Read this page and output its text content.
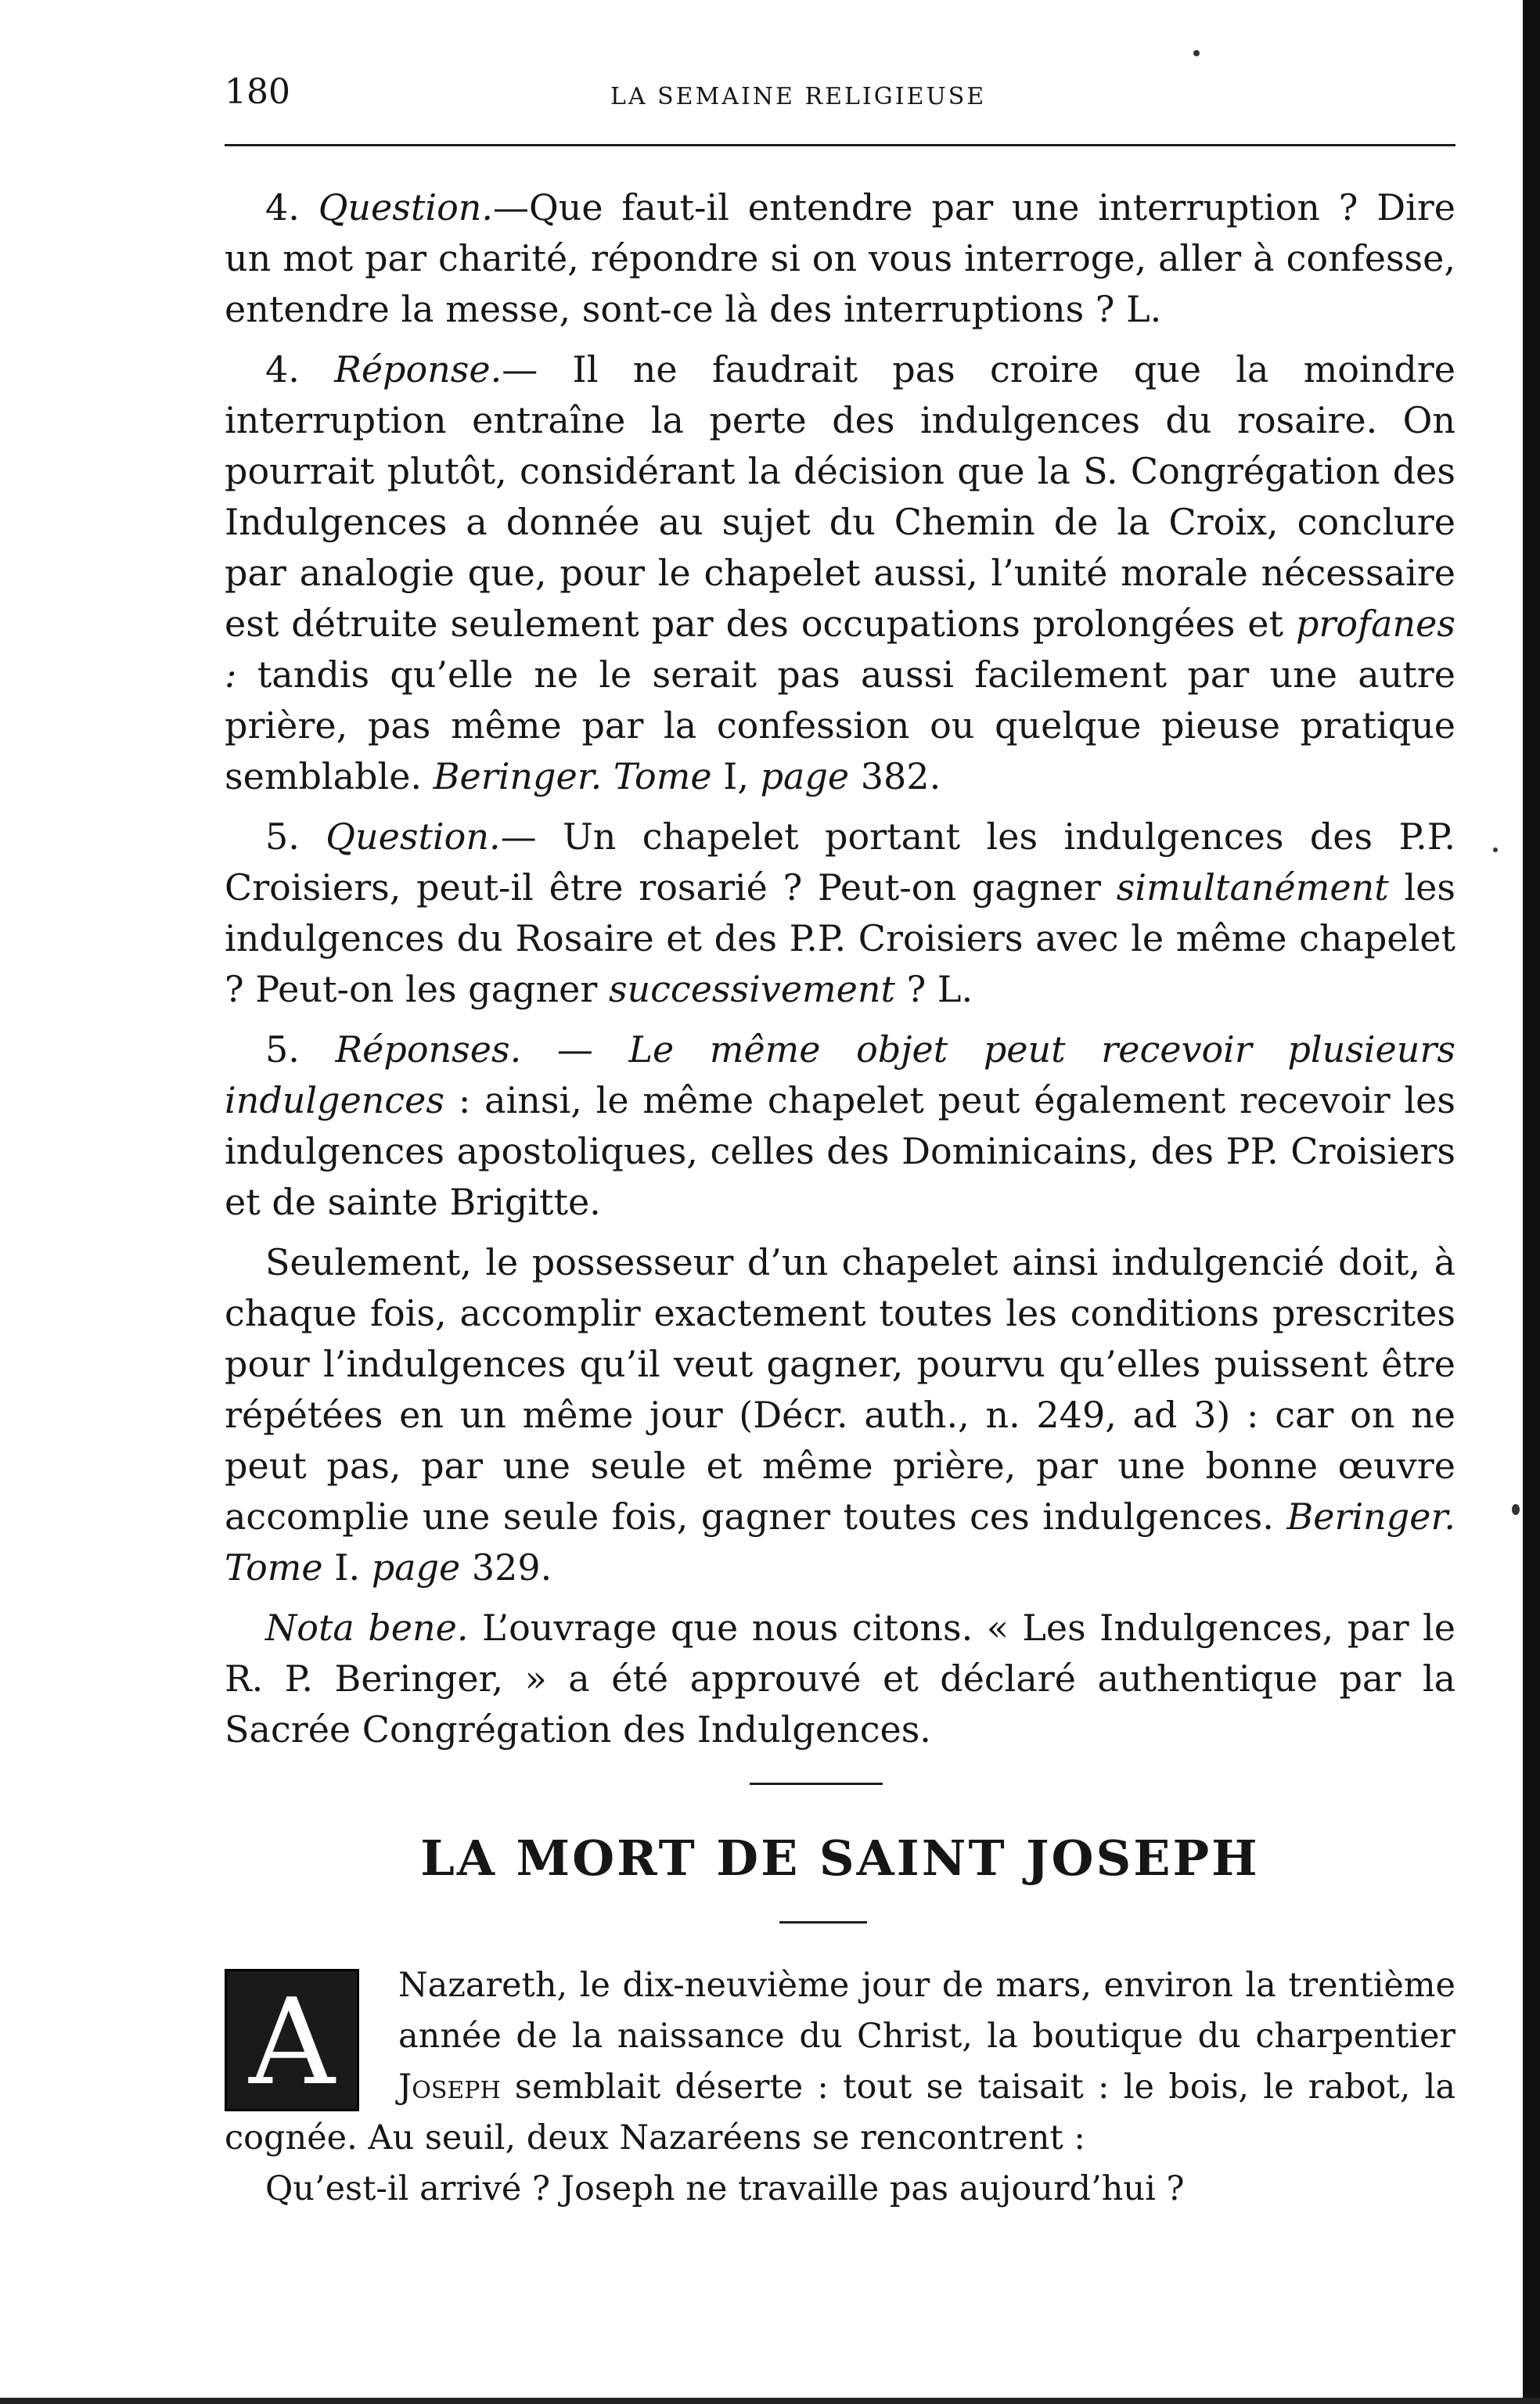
180	LA SEMAINE RELIGIEUSE

4. Question.—Que faut-il entendre par une interruption ? Dire un mot par charité, répondre si on vous interroge, aller à confesse, entendre la messe, sont-ce là des interruptions ? L.

4. Réponse.— Il ne faudrait pas croire que la moindre interruption entraîne la perte des indulgences du rosaire. On pourrait plutôt, considérant la décision que la S. Congrégation des Indulgences a donnée au sujet du Chemin de la Croix, conclure par analogie que, pour le chapelet aussi, l’unité morale nécessaire est détruite seulement par des occupations prolongées et profanes : tandis qu’elle ne le serait pas aussi facilement par une autre prière, pas même par la confession ou quelque pieuse pratique semblable. Beringer. Tome I, page 382.

5. Question.— Un chapelet portant les indulgences des P.P. Croisiers, peut-il être rosarié ? Peut-on gagner simultanément les indulgences du Rosaire et des P.P. Croisiers avec le même chapelet ? Peut-on les gagner successivement ? L.

5. Réponses. — Le même objet peut recevoir plusieurs indulgences : ainsi, le même chapelet peut également recevoir les indulgences apostoliques, celles des Dominicains, des PP. Croisiers et de sainte Brigitte.

Seulement, le possesseur d’un chapelet ainsi indulgencié doit, à chaque fois, accomplir exactement toutes les conditions prescrites pour l’indulgences qu’il veut gagner, pourvu qu’elles puissent être répétées en un même jour (Décr. auth., n. 249, ad 3) : car on ne peut pas, par une seule et même prière, par une bonne œuvre accomplie une seule fois, gagner toutes ces indulgences. Beringer. Tome I. page 329.

Nota bene. L’ouvrage que nous citons. « Les Indulgences, par le R. P. Beringer, » a été approuvé et déclaré authentique par la Sacrée Congrégation des Indulgences.

LA MORT DE SAINT JOSEPH
A	Nazareth, le dix-neuvième jour de mars, environ la trentième année de la naissance du Christ, la boutique du charpentier Joseph semblait déserte : tout se taisait : le bois, le rabot, la cognée. Au seuil, deux Nazaréens se rencontrent :

Qu’est-il arrivé ? Joseph ne travaille pas aujourd’hui ?
